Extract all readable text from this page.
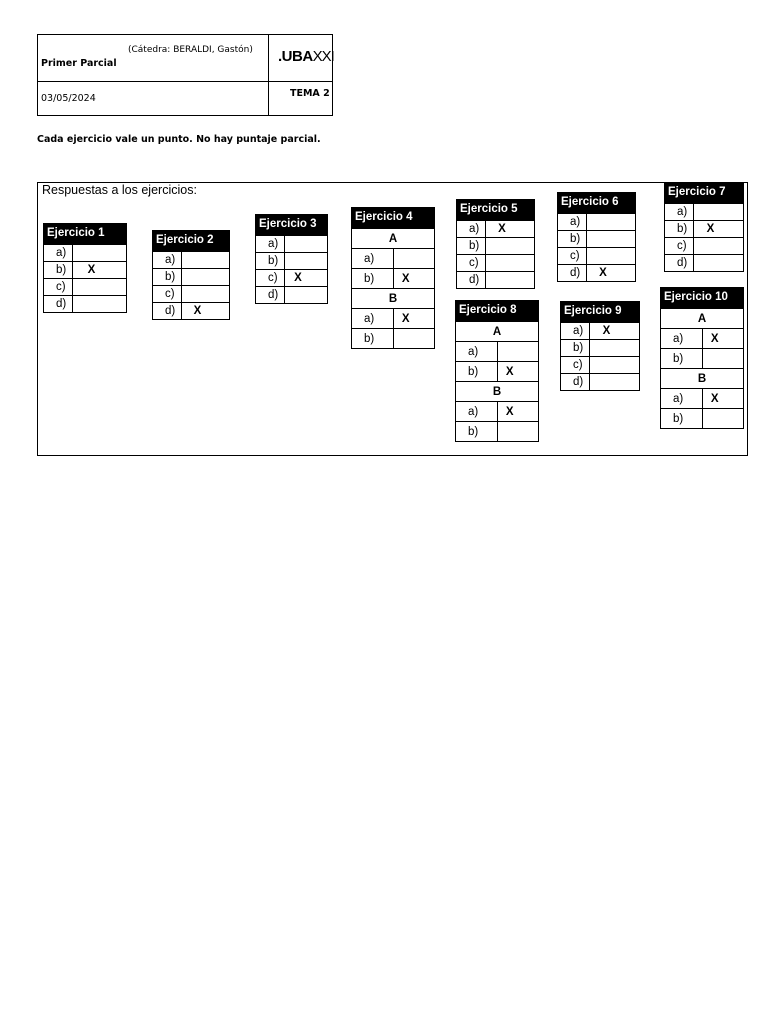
(Cátedra: BERALDI, Gastón)
Primer Parcial	.UBAXXI
03/05/2024	TEMA 2
Cada ejercicio vale un punto. No hay puntaje parcial.
Respuestas a los ejercicios:
Ejercicio 1
a)	
b)	X
c)	
d)	
Ejercicio 2
a)	
b)	
c)	
d)	X
Ejercicio 3
a)	
b)	
c)	X
d)	
Ejercicio 4
A	
a)	
b)	X
B	
a)	X
b)	
Ejercicio 5
a)	X
b)	
c)	
d)	
Ejercicio 6
a)	
b)	
c)	
d)	X
Ejercicio 7
a)	
b)	X
c)	
d)	
Ejercicio 8
A	
a)	
b)	X
B	
a)	X
b)	
Ejercicio 9
a)	X
b)	
c)	
d)	
Ejercicio 10
A	
a)	X
b)	
B	
a)	X
b)	
